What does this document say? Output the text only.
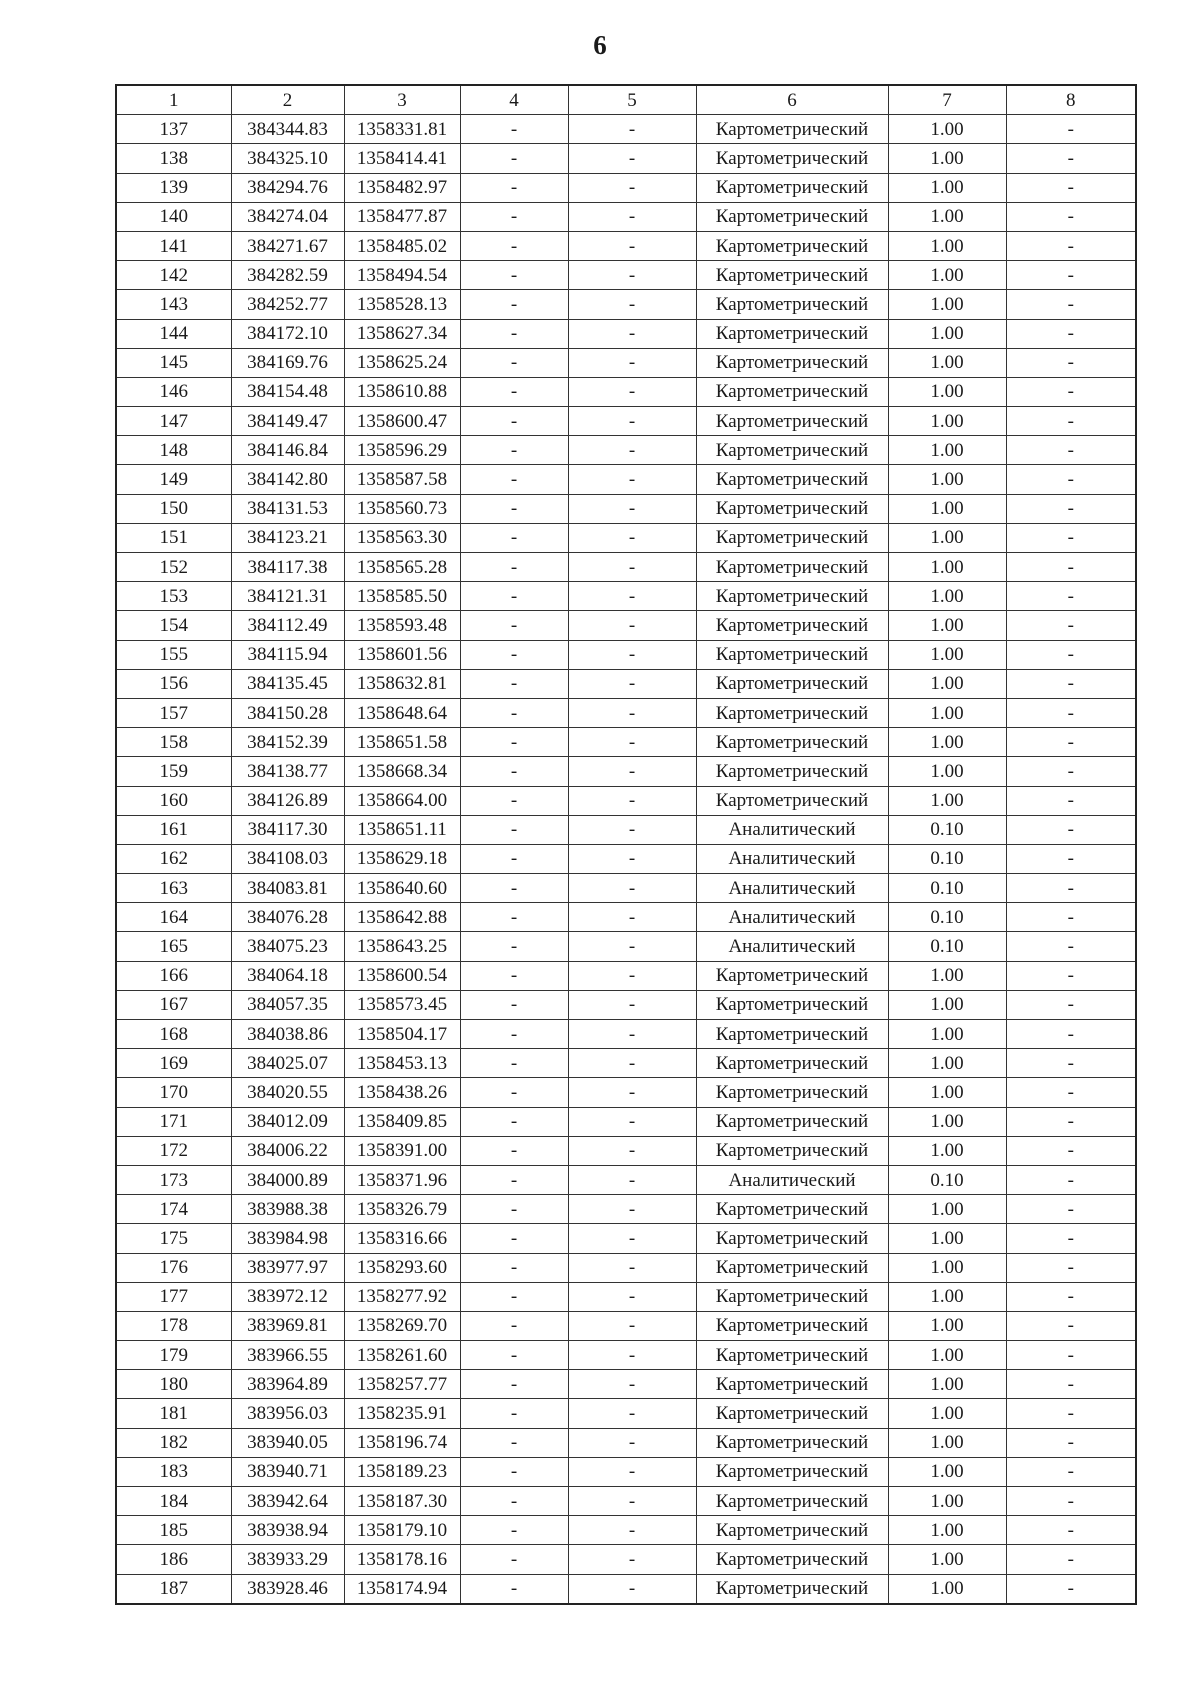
6
1	2	3	4	5	6	7	8
137	384344.83	1358331.81	-	-	Картометрический	1.00	-
138	384325.10	1358414.41	-	-	Картометрический	1.00	-
139	384294.76	1358482.97	-	-	Картометрический	1.00	-
140	384274.04	1358477.87	-	-	Картометрический	1.00	-
141	384271.67	1358485.02	-	-	Картометрический	1.00	-
142	384282.59	1358494.54	-	-	Картометрический	1.00	-
143	384252.77	1358528.13	-	-	Картометрический	1.00	-
144	384172.10	1358627.34	-	-	Картометрический	1.00	-
145	384169.76	1358625.24	-	-	Картометрический	1.00	-
146	384154.48	1358610.88	-	-	Картометрический	1.00	-
147	384149.47	1358600.47	-	-	Картометрический	1.00	-
148	384146.84	1358596.29	-	-	Картометрический	1.00	-
149	384142.80	1358587.58	-	-	Картометрический	1.00	-
150	384131.53	1358560.73	-	-	Картометрический	1.00	-
151	384123.21	1358563.30	-	-	Картометрический	1.00	-
152	384117.38	1358565.28	-	-	Картометрический	1.00	-
153	384121.31	1358585.50	-	-	Картометрический	1.00	-
154	384112.49	1358593.48	-	-	Картометрический	1.00	-
155	384115.94	1358601.56	-	-	Картометрический	1.00	-
156	384135.45	1358632.81	-	-	Картометрический	1.00	-
157	384150.28	1358648.64	-	-	Картометрический	1.00	-
158	384152.39	1358651.58	-	-	Картометрический	1.00	-
159	384138.77	1358668.34	-	-	Картометрический	1.00	-
160	384126.89	1358664.00	-	-	Картометрический	1.00	-
161	384117.30	1358651.11	-	-	Аналитический	0.10	-
162	384108.03	1358629.18	-	-	Аналитический	0.10	-
163	384083.81	1358640.60	-	-	Аналитический	0.10	-
164	384076.28	1358642.88	-	-	Аналитический	0.10	-
165	384075.23	1358643.25	-	-	Аналитический	0.10	-
166	384064.18	1358600.54	-	-	Картометрический	1.00	-
167	384057.35	1358573.45	-	-	Картометрический	1.00	-
168	384038.86	1358504.17	-	-	Картометрический	1.00	-
169	384025.07	1358453.13	-	-	Картометрический	1.00	-
170	384020.55	1358438.26	-	-	Картометрический	1.00	-
171	384012.09	1358409.85	-	-	Картометрический	1.00	-
172	384006.22	1358391.00	-	-	Картометрический	1.00	-
173	384000.89	1358371.96	-	-	Аналитический	0.10	-
174	383988.38	1358326.79	-	-	Картометрический	1.00	-
175	383984.98	1358316.66	-	-	Картометрический	1.00	-
176	383977.97	1358293.60	-	-	Картометрический	1.00	-
177	383972.12	1358277.92	-	-	Картометрический	1.00	-
178	383969.81	1358269.70	-	-	Картометрический	1.00	-
179	383966.55	1358261.60	-	-	Картометрический	1.00	-
180	383964.89	1358257.77	-	-	Картометрический	1.00	-
181	383956.03	1358235.91	-	-	Картометрический	1.00	-
182	383940.05	1358196.74	-	-	Картометрический	1.00	-
183	383940.71	1358189.23	-	-	Картометрический	1.00	-
184	383942.64	1358187.30	-	-	Картометрический	1.00	-
185	383938.94	1358179.10	-	-	Картометрический	1.00	-
186	383933.29	1358178.16	-	-	Картометрический	1.00	-
187	383928.46	1358174.94	-	-	Картометрический	1.00	-
